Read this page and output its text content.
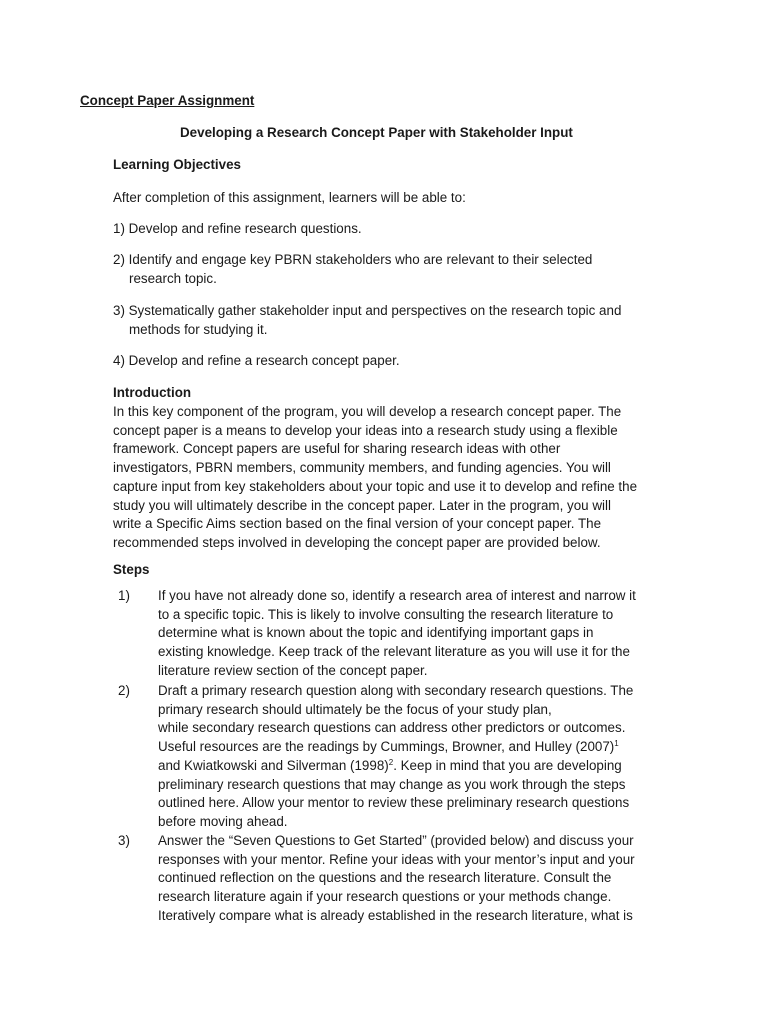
Concept Paper Assignment
Developing a Research Concept Paper with Stakeholder Input
Learning Objectives
After completion of this assignment, learners will be able to:
1) Develop and refine research questions.
2) Identify and engage key PBRN stakeholders who are relevant to their selected
research topic.
3) Systematically gather stakeholder input and perspectives on the research topic and
methods for studying it.
4) Develop and refine a research concept paper.
Introduction
In this key component of the program, you will develop a research concept paper. The
concept paper is a means to develop your ideas into a research study using a flexible
framework. Concept papers are useful for sharing research ideas with other
investigators, PBRN members, community members, and funding agencies. You will
capture input from key stakeholders about your topic and use it to develop and refine the
study you will ultimately describe in the concept paper. Later in the program, you will
write a Specific Aims section based on the final version of your concept paper. The
recommended steps involved in developing the concept paper are provided below.
Steps
1) If you have not already done so, identify a research area of interest and narrow it
to a specific topic. This is likely to involve consulting the research literature to
determine what is known about the topic and identifying important gaps in
existing knowledge. Keep track of the relevant literature as you will use it for the
literature review section of the concept paper.
2) Draft a primary research question along with secondary research questions. The
primary research should ultimately be the focus of your study plan,
while secondary research questions can address other predictors or outcomes.
Useful resources are the readings by Cummings, Browner, and Hulley $(2007)^1$
and Kwiatkowski and Silverman $(1998)^2$. Keep in mind that you are developing
preliminary research questions that may change as you work through the steps
outlined here. Allow your mentor to review these preliminary research questions
before moving ahead.
3) Answer the “Seven Questions to Get Started” (provided below) and discuss your
responses with your mentor. Refine your ideas with your mentor’s input and your
continued reflection on the questions and the research literature. Consult the
research literature again if your research questions or your methods change.
Iteratively compare what is already established in the research literature, what is
